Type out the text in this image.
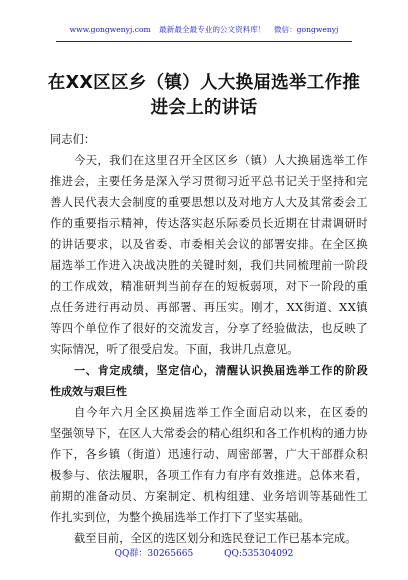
www.gongwenyj.com 最新最全最专业的公文资料库！ 微信：gongwenyj
在XX区区乡（镇）人大换届选举工作推
进会上的讲话
同志们：
今 天 ， 我 们 在 这 里 召 开 全 区 区 乡 （ 镇 ） 人 大 换 届 选 举 工 作
推 进 会 ， 主 要 任 务 是 深 入 学 习 贯 彻 习 近 平 总 书 记 关 于 坚 持 和 完
善 人 民 代 表 大 会 制 度 的 重 要 思 想 以 及 对 地 方 人 大 及 其 常 委 会 工
作 的 重 要 指 示 精 神 ， 传 达 落 实 赵 乐 际 委 员 长 近 期 在 甘 肃 调 研 时
的 讲 话 要 求 ， 以 及 省 委 、 市 委 相 关 会 议 的 部 署 安 排 。 在 全 区 换
届 选 举 工 作 进 入 决 战 决 胜 的 关 键 时 刻 ， 我 们 共 同 梳 理 前 一 阶 段
的 工 作 成 效 ， 精 准 研 判 当 前 存 在 的 短 板 弱 项 ， 对 下 一 阶 段 的 重
点 任 务 进 行 再 动 员 、 再 部 署 、 再 压 实 。 刚 才 ， X X 街 道 、 X X 镇
等 四 个 单 位 作 了 很 好 的 交 流 发 言 ， 分 享 了 经 验 做 法 ， 也 反 映 了
实际情况，听了很受启发。下面，我讲几点意见。
一 、 肯 定 成 绩 ， 坚 定 信 心 ， 清 醒 认 识 换 届 选 举 工 作 的 阶 段
性成效与艰巨性
自 今 年 六 月 全 区 换 届 选 举 工 作 全 面 启 动 以 来 ， 在 区 委 的
坚 强 领 导 下 ， 在 区 人 大 常 委 会 的 精 心 组 织 和 各 工 作 机 构 的 通 力 协
作 下 ， 各 乡 镇 （ 街 道 ） 迅 速 行 动 、 周 密 部 署 ， 广 大 干 部 群 众 积
极 参 与 、 依 法 履 职 ， 各 项 工 作 有 力 有 序 有 效 推 进 。 总 体 来 看 ，
前 期 的 准 备 动 员 、 方 案 制 定 、 机 构 组 建 、 业 务 培 训 等 基 础 性 工
作扎实到位，为整个换届选举工作打下了坚实基础。
截至目前，全区的选区划分和选民登记工作已基本完成。
QQ群：30265665	QQ:535304092
